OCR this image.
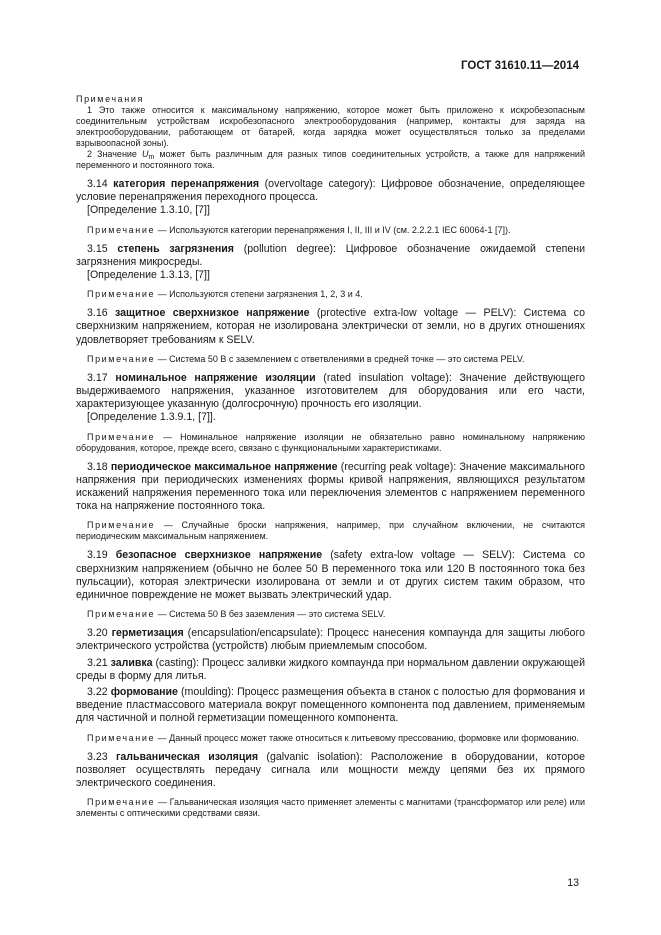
ГОСТ 31610.11—2014

Примечания

1 Это также относится к максимальному напряжению, которое может быть приложено к искробезопасным соединительным устройствам искробезопасного электрооборудования (например, контакты для заряда на электрооборудовании, работающем от батарей, когда зарядка может осуществляться только за пределами взрывоопасной зоны).

2 Значение $U_m$ может быть различным для разных типов соединительных устройств, а также для напряжений переменного и постоянного тока.

3.14 категория перенапряжения (overvoltage category): Цифровое обозначение, определяющее условие перенапряжения переходного процесса.

[Определение 1.3.10, [7]]

Примечание — Используются категории перенапряжения I, II, III и IV (см. 2.2.2.1 IEC 60064-1 [7]).

3.15 степень загрязнения (pollution degree): Цифровое обозначение ожидаемой степени загрязнения микросреды.

[Определение 1.3.13, [7]]

Примечание — Используются степени загрязнения 1, 2, 3 и 4.

3.16 защитное сверхнизкое напряжение (protective extra-low voltage — PELV): Система со сверхнизким напряжением, которая не изолирована электрически от земли, но в других отношениях удовлетворяет требованиям к SELV.

Примечание — Система 50 В с заземлением с ответвлениями в средней точке — это система PELV.

3.17 номинальное напряжение изоляции (rated insulation voltage): Значение действующего выдерживаемого напряжения, указанное изготовителем для оборудования или его части, характеризующее указанную (долгосрочную) прочность его изоляции.

[Определение 1.3.9.1, [7]].

Примечание — Номинальное напряжение изоляции не обязательно равно номинальному напряжению оборудования, которое, прежде всего, связано с функциональными характеристиками.

3.18 периодическое максимальное напряжение (recurring peak voltage): Значение максимального напряжения при периодических изменениях формы кривой напряжения, являющихся результатом искажений напряжения переменного тока или переключения элементов с напряжением переменного тока на напряжение постоянного тока.

Примечание — Случайные броски напряжения, например, при случайном включении, не считаются периодическим максимальным напряжением.

3.19 безопасное сверхнизкое напряжение (safety extra-low voltage — SELV): Система со сверхнизким напряжением (обычно не более 50 В переменного тока или 120 В постоянного тока без пульсации), которая электрически изолирована от земли и от других систем таким образом, что единичное повреждение не может вызвать электрический удар.

Примечание — Система 50 В без заземления — это система SELV.

3.20 герметизация (encapsulation/encapsulate): Процесс нанесения компаунда для защиты любого электрического устройства (устройств) любым приемлемым способом.

3.21 заливка (casting): Процесс заливки жидкого компаунда при нормальном давлении окружающей среды в форму для литья.

3.22 формование (moulding): Процесс размещения объекта в станок с полостью для формования и введение пластмассового материала вокруг помещенного компонента под давлением, применяемым для частичной и полной герметизации помещенного компонента.

Примечание — Данный процесс может также относиться к литьевому прессованию, формовке или формованию.

3.23 гальваническая изоляция (galvanic isolation): Расположение в оборудовании, которое позволяет осуществлять передачу сигнала или мощности между цепями без их прямого электрического соединения.

Примечание — Гальваническая изоляция часто применяет элементы с магнитами (трансформатор или реле) или элементы с оптическими средствами связи.

13
